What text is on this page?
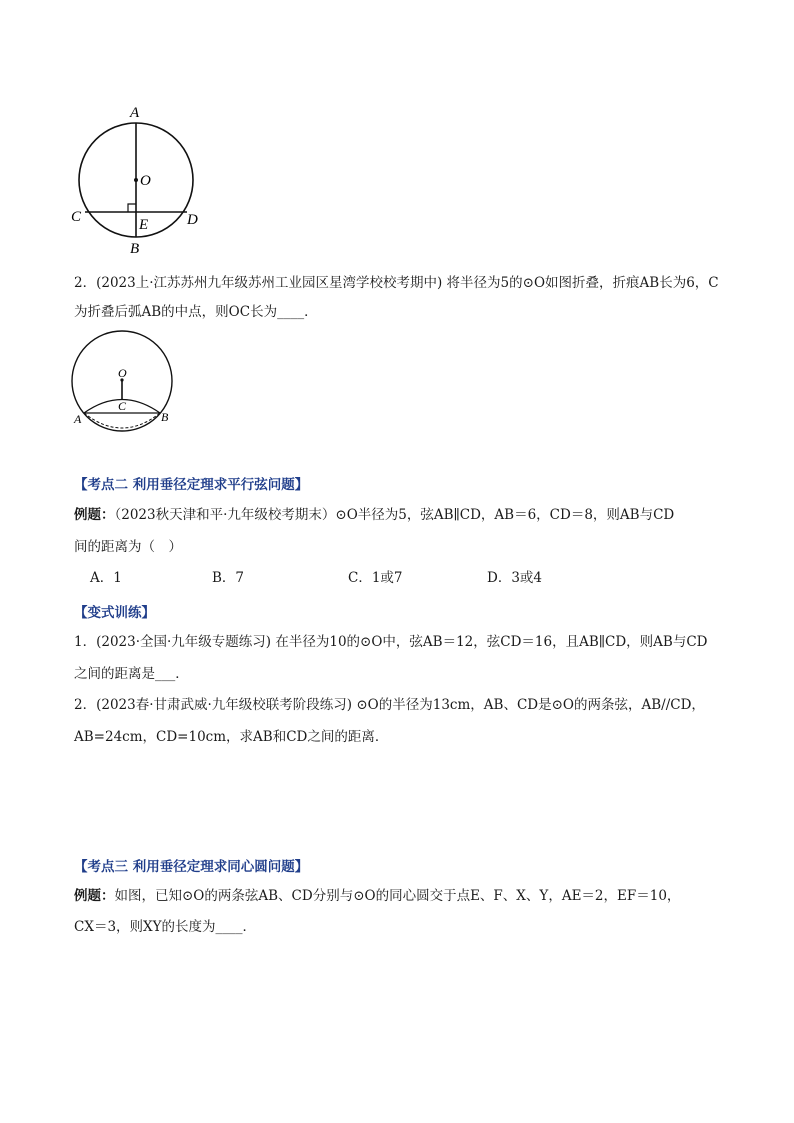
A
O
C	E	D
B
2．(2023上·江苏苏州九年级苏州工业园区星湾学校校考期中) 将半径为5的⊙O如图折叠，折痕AB长为6，C
为折叠后弧AB的中点，则OC长为____．
O
C
A	B
【考点二 利用垂径定理求平行弦问题】
例题：（2023秋天津和平·九年级校考期末）⊙O半径为5，弦AB∥CD，AB＝6，CD＝8，则AB与CD
间的距离为（　）
A．1	B．7	C．1或7	D．3或4
【变式训练】
1．(2023·全国·九年级专题练习) 在半径为10的⊙O中，弦AB＝12，弦CD＝16，且AB∥CD，则AB与CD
之间的距离是___．
2．(2023春·甘肃武威·九年级校联考阶段练习) ⊙O的半径为13cm，AB、CD是⊙O的两条弦，AB//CD，
AB=24cm，CD=10cm，求AB和CD之间的距离．
【考点三 利用垂径定理求同心圆问题】
例题：如图，已知⊙O的两条弦AB、CD分别与⊙O的同心圆交于点E、F、X、Y，AE＝2，EF＝10，
CX＝3，则XY的长度为____．
